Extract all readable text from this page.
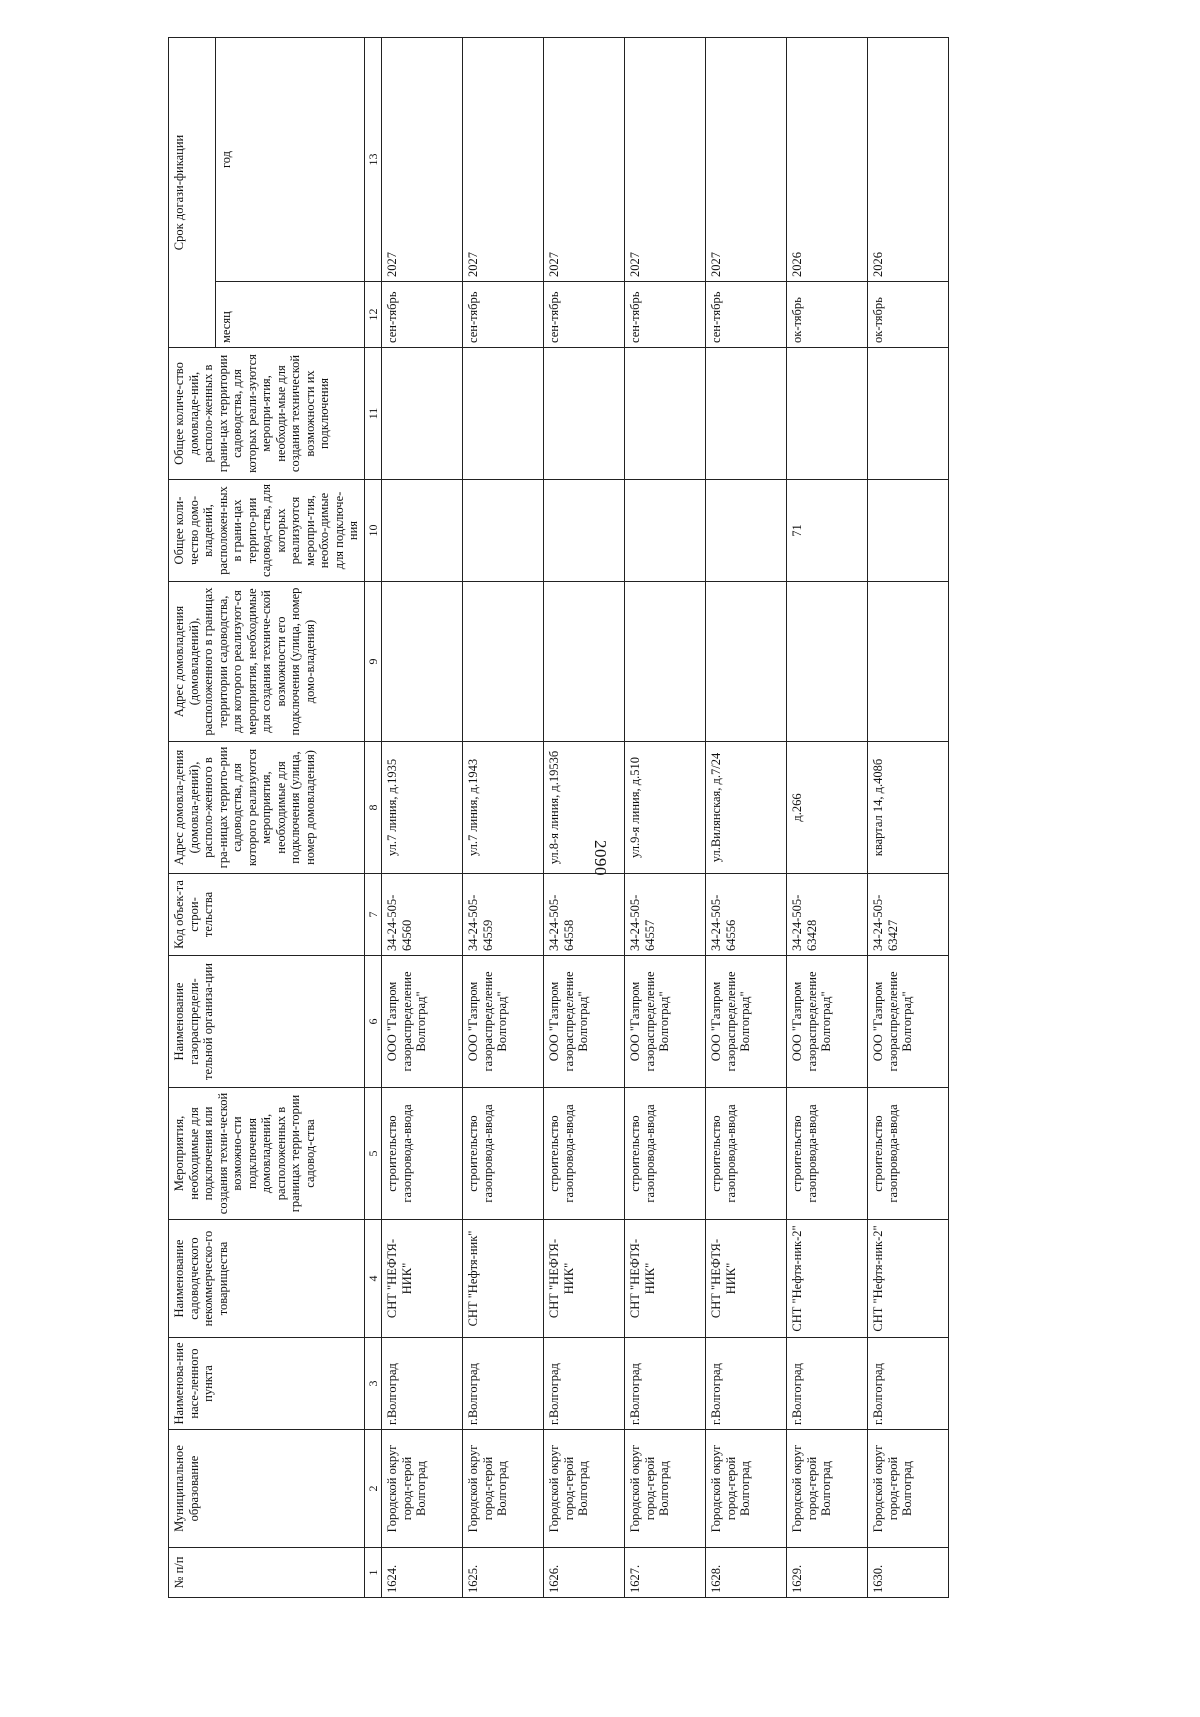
2090
№ п/п	Муниципальное образование	Наименова-ние насе-ленного пункта	Наименование садоводческого некоммерческо-го товарищества	Мероприятия, необходимые для подключения или создания техни-ческой возможно-сти подключения домовладений, расположенных в границах терри-тории садовод-ства	Наименование газораспредели-тельной организа-ции	Код объек-та строи-тельства	Адрес домовла-дения (домовла-дений), располо-женного в гра-ницах террито-рии садоводства, для которого реализуются мероприятия, необходимые для подключения (улица, номер домовладения)	Адрес домовладения (домовладений), расположенного в границах территории садоводства, для которого реализуют-ся мероприятия, необходимые для создания техниче-ской возможности его подключения (улица, номер домо-владения)	Общее коли-чество домо-владений, расположен-ных в грани-цах террито-рии садовод-ства, для которых реализуются меропри-тия, необхо-димые для подключе-ния	Общее количе-ство домовладе-ний, располо-женных в грани-цах территории садоводства, для которых реали-зуются меропри-ятия, необходи-мые для создания технической возможности их подключения	Срок догази-фикации	
											месяц	год
1	2	3	4	5	6	7	8	9	10	11	12	13
1624.	Городской округ город-герой Волгоград	г.Волгоград	СНТ "НЕФТЯ-НИК"	строительство газопровода-ввода	ООО "Газпром газораспределение Волгоград"	34-24-505-64560	ул.7 линия, д.1935				сен-тябрь	2027
1625.	Городской округ город-герой Волгоград	г.Волгоград	СНТ "Нефтя-ник"	строительство газопровода-ввода	ООО "Газпром газораспределение Волгоград"	34-24-505-64559	ул.7 линия, д.1943				сен-тябрь	2027
1626.	Городской округ город-герой Волгоград	г.Волгоград	СНТ "НЕФТЯ-НИК"	строительство газопровода-ввода	ООО "Газпром газораспределение Волгоград"	34-24-505-64558	ул.8-я линия, д.1953б				сен-тябрь	2027
1627.	Городской округ город-герой Волгоград	г.Волгоград	СНТ "НЕФТЯ-НИК"	строительство газопровода-ввода	ООО "Газпром газораспределение Волгоград"	34-24-505-64557	ул.9-я линия, д.510				сен-тябрь	2027
1628.	Городской округ город-герой Волгоград	г.Волгоград	СНТ "НЕФТЯ-НИК"	строительство газопровода-ввода	ООО "Газпром газораспределение Волгоград"	34-24-505-64556	ул.Вилянская, д.7/24				сен-тябрь	2027
1629.	Городской округ город-герой Волгоград	г.Волгоград	СНТ "Нефтя-ник-2"	строительство газопровода-ввода	ООО "Газпром газораспределение Волгоград"	34-24-505-63428	д.266		71		ок-тябрь	2026
1630.	Городской округ город-герой Волгоград	г.Волгоград	СНТ "Нефтя-ник-2"	строительство газопровода-ввода	ООО "Газпром газораспределение Волгоград"	34-24-505-63427	квартал 14, д.408б				ок-тябрь	2026
